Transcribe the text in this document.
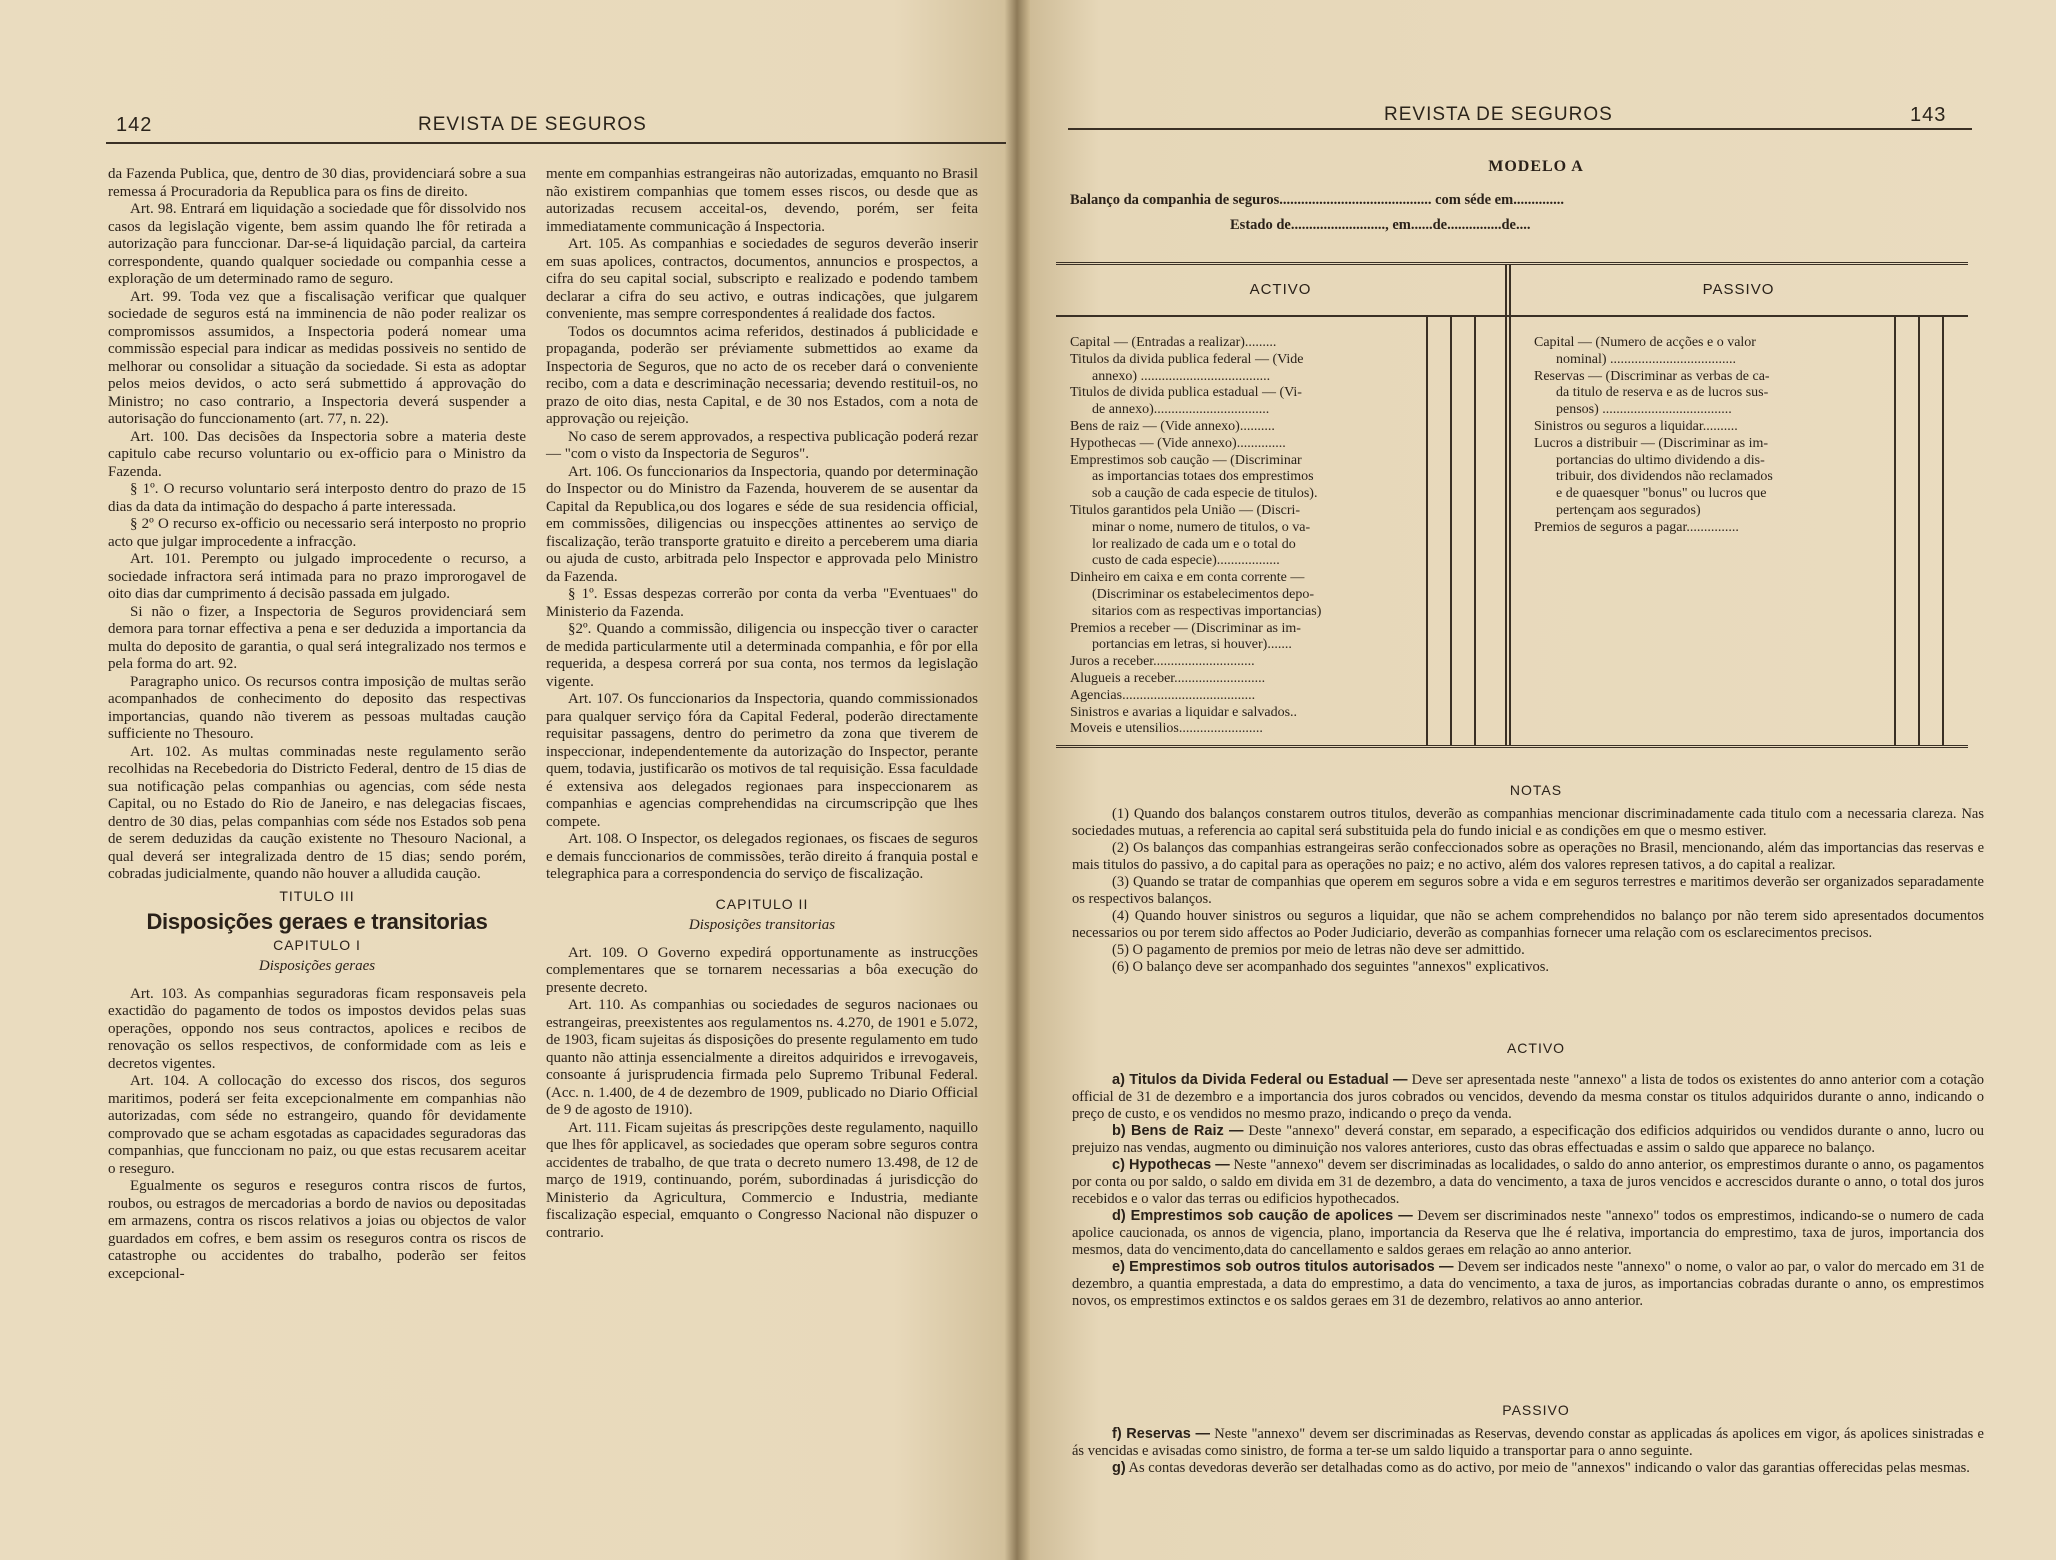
142	REVISTA DE SEGUROS

da Fazenda Publica, que, dentro de 30 dias, providenciará sobre a sua remessa á Procuradoria da Republica para os fins de direito.

Art. 98. Entrará em liquidação a sociedade que fôr dissolvido nos casos da legislação vigente, bem assim quando lhe fôr retirada a autorização para funccionar. Dar-se-á liquidação parcial, da carteira correspondente, quando qualquer sociedade ou companhia cesse a exploração de um determinado ramo de seguro.

Art. 99. Toda vez que a fiscalisação verificar que qualquer sociedade de seguros está na imminencia de não poder realizar os compromissos assumidos, a Inspectoria poderá nomear uma commissão especial para indicar as medidas possiveis no sentido de melhorar ou consolidar a situação da sociedade. Si esta as adoptar pelos meios devidos, o acto será submettido á approvação do Ministro; no caso contrario, a Inspectoria deverá suspender a autorisação do funccionamento (art. 77, n. 22).

Art. 100. Das decisões da Inspectoria sobre a materia deste capitulo cabe recurso voluntario ou ex-officio para o Ministro da Fazenda.

§ 1º. O recurso voluntario será interposto dentro do prazo de 15 dias da data da intimação do despacho á parte interessada.

§ 2º O recurso ex-officio ou necessario será interposto no proprio acto que julgar improcedente a infracção.

Art. 101. Perempto ou julgado improcedente o recurso, a sociedade infractora será intimada para no prazo improrogavel de oito dias dar cumprimento á decisão passada em julgado.

Si não o fizer, a Inspectoria de Seguros providenciará sem demora para tornar effectiva a pena e ser deduzida a importancia da multa do deposito de garantia, o qual será integralizado nos termos e pela forma do art. 92.

Paragrapho unico. Os recursos contra imposição de multas serão acompanhados de conhecimento do deposito das respectivas importancias, quando não tiverem as pessoas multadas caução sufficiente no Thesouro.

Art. 102. As multas comminadas neste regulamento serão recolhidas na Recebedoria do Districto Federal, dentro de 15 dias de sua notificação pelas companhias ou agencias, com séde nesta Capital, ou no Estado do Rio de Janeiro, e nas delegacias fiscaes, dentro de 30 dias, pelas companhias com séde nos Estados sob pena de serem deduzidas da caução existente no Thesouro Nacional, a qual deverá ser integralizada dentro de 15 dias; sendo porém, cobradas judicialmente, quando não houver a alludida caução.

TITULO III
Disposições geraes e transitorias
CAPITULO I
Disposições geraes

Art. 103. As companhias seguradoras ficam responsaveis pela exactidão do pagamento de todos os impostos devidos pelas suas operações, oppondo nos seus contractos, apolices e recibos de renovação os sellos respectivos, de conformidade com as leis e decretos vigentes.

Art. 104. A collocação do excesso dos riscos, dos seguros maritimos, poderá ser feita excepcionalmente em companhias não autorizadas, com séde no estrangeiro, quando fôr devidamente comprovado que se acham esgotadas as capacidades seguradoras das companhias, que funccionam no paiz, ou que estas recusarem aceitar o reseguro.

Egualmente os seguros e reseguros contra riscos de furtos, roubos, ou estragos de mercadorias a bordo de navios ou depositadas em armazens, contra os riscos relativos a joias ou objectos de valor guardados em cofres, e bem assim os reseguros contra os riscos de catastrophe ou accidentes do trabalho, poderão ser feitos excepcional-

mente em companhias estrangeiras não autorizadas, emquanto no Brasil não existirem companhias que tomem esses riscos, ou desde que as autorizadas recusem acceital-os, devendo, porém, ser feita immediatamente communicação á Inspectoria.

Art. 105. As companhias e sociedades de seguros deverão inserir em suas apolices, contractos, documentos, annuncios e prospectos, a cifra do seu capital social, subscripto e realizado e podendo tambem declarar a cifra do seu activo, e outras indicações, que julgarem conveniente, mas sempre correspondentes á realidade dos factos.

Todos os documntos acima referidos, destinados á publicidade e propaganda, poderão ser préviamente submettidos ao exame da Inspectoria de Seguros, que no acto de os receber dará o conveniente recibo, com a data e descriminação necessaria; devendo restituil-os, no prazo de oito dias, nesta Capital, e de 30 nos Estados, com a nota de approvação ou rejeição.

No caso de serem approvados, a respectiva publicação poderá rezar — "com o visto da Inspectoria de Seguros".

Art. 106. Os funccionarios da Inspectoria, quando por determinação do Inspector ou do Ministro da Fazenda, houverem de se ausentar da Capital da Republica,ou dos logares e séde de sua residencia official, em commissões, diligencias ou inspecções attinentes ao serviço de fiscalização, terão transporte gratuito e direito a perceberem uma diaria ou ajuda de custo, arbitrada pelo Inspector e approvada pelo Ministro da Fazenda.

§ 1º. Essas despezas correrão por conta da verba "Eventuaes" do Ministerio da Fazenda.

§2º. Quando a commissão, diligencia ou inspecção tiver o caracter de medida particularmente util a determinada companhia, e fôr por ella requerida, a despesa correrá por sua conta, nos termos da legislação vigente.

Art. 107. Os funccionarios da Inspectoria, quando commissionados para qualquer serviço fóra da Capital Federal, poderão directamente requisitar passagens, dentro do perimetro da zona que tiverem de inspeccionar, independentemente da autorização do Inspector, perante quem, todavia, justificarão os motivos de tal requisição. Essa faculdade é extensiva aos delegados regionaes para inspeccionarem as companhias e agencias comprehendidas na circumscripção que lhes compete.

Art. 108. O Inspector, os delegados regionaes, os fiscaes de seguros e demais funccionarios de commissões, terão direito á franquia postal e telegraphica para a correspondencia do serviço de fiscalização.

CAPITULO II
Disposições transitorias

Art. 109. O Governo expedirá opportunamente as instrucções complementares que se tornarem necessarias a bôa execução do presente decreto.

Art. 110. As companhias ou sociedades de seguros nacionaes ou estrangeiras, preexistentes aos regulamentos ns. 4.270, de 1901 e 5.072, de 1903, ficam sujeitas ás disposições do presente regulamento em tudo quanto não attinja essencialmente a direitos adquiridos e irrevogaveis, consoante á jurisprudencia firmada pelo Supremo Tribunal Federal. (Acc. n. 1.400, de 4 de dezembro de 1909, publicado no Diario Official de 9 de agosto de 1910).

Art. 111. Ficam sujeitas ás prescripções deste regulamento, naquillo que lhes fôr applicavel, as sociedades que operam sobre seguros contra accidentes de trabalho, de que trata o decreto numero 13.498, de 12 de março de 1919, continuando, porém, subordinadas á jurisdicção do Ministerio da Agricultura, Commercio e Industria, mediante fiscalização especial, emquanto o Congresso Nacional não dispuzer o contrario.

REVISTA DE SEGUROS	143
MODELO A
Balanço da companhia de seguros.......................................... com séde em..............
Estado de.........................., em......de...............de....
ACTIVO	PASSIVO
Capital — (Entradas a realizar).........
Titulos da divida publica federal — (Vide
annexo) .....................................
Titulos de divida publica estadual — (Vi-
de annexo).................................
Bens de raiz — (Vide annexo)..........
Hypothecas — (Vide annexo)..............
Emprestimos sob caução — (Discriminar
as importancias totaes dos emprestimos
sob a caução de cada especie de titulos).
Titulos garantidos pela União — (Discri-
minar o nome, numero de titulos, o va-
lor realizado de cada um e o total do
custo de cada especie)..................
Dinheiro em caixa e em conta corrente —
(Discriminar os estabelecimentos depo-
sitarios com as respectivas importancias)
Premios a receber — (Discriminar as im-
portancias em letras, si houver).......
Juros a receber.............................
Alugueis a receber..........................
Agencias......................................
Sinistros e avarias a liquidar e salvados..
Moveis e utensilios........................
Capital — (Numero de acções e o valor
nominal) ....................................
Reservas — (Discriminar as verbas de ca-
da titulo de reserva e as de lucros sus-
pensos) .....................................
Sinistros ou seguros a liquidar..........
Lucros a distribuir — (Discriminar as im-
portancias do ultimo dividendo a dis-
tribuir, dos dividendos não reclamados
e de quaesquer "bonus" ou lucros que
pertençam aos segurados)
Premios de seguros a pagar...............
NOTAS

(1) Quando dos balanços constarem outros titulos, deverão as companhias mencionar discriminadamente cada titulo com a necessaria clareza. Nas sociedades mutuas, a referencia ao capital será substituida pela do fundo inicial e as condições em que o mesmo estiver.

(2) Os balanços das companhias estrangeiras serão confeccionados sobre as operações no Brasil, mencionando, além das importancias das reservas e mais titulos do passivo, a do capital para as operações no paiz; e no activo, além dos valores represen tativos, a do capital a realizar.

(3) Quando se tratar de companhias que operem em seguros sobre a vida e em seguros terrestres e maritimos deverão ser organizados separadamente os respectivos balanços.

(4) Quando houver sinistros ou seguros a liquidar, que não se achem comprehendidos no balanço por não terem sido apresentados documentos necessarios ou por terem sido affectos ao Poder Judiciario, deverão as companhias fornecer uma relação com os esclarecimentos precisos.

(5) O pagamento de premios por meio de letras não deve ser admittido.

(6) O balanço deve ser acompanhado dos seguintes "annexos" explicativos.

ACTIVO

a) Titulos da Divida Federal ou Estadual — Deve ser apresentada neste "annexo" a lista de todos os existentes do anno anterior com a cotação official de 31 de dezembro e a importancia dos juros cobrados ou vencidos, devendo da mesma constar os titulos adquiridos durante o anno, indicando o preço de custo, e os vendidos no mesmo prazo, indicando o preço da venda.

b) Bens de Raiz — Deste "annexo" deverá constar, em separado, a especificação dos edificios adquiridos ou vendidos durante o anno, lucro ou prejuizo nas vendas, augmento ou diminuição nos valores anteriores, custo das obras effectuadas e assim o saldo que apparece no balanço.

c) Hypothecas — Neste "annexo" devem ser discriminadas as localidades, o saldo do anno anterior, os emprestimos durante o anno, os pagamentos por conta ou por saldo, o saldo em divida em 31 de dezembro, a data do vencimento, a taxa de juros vencidos e accrescidos durante o anno, o total dos juros recebidos e o valor das terras ou edificios hypothecados.

d) Emprestimos sob caução de apolices — Devem ser discriminados neste "annexo" todos os emprestimos, indicando-se o numero de cada apolice caucionada, os annos de vigencia, plano, importancia da Reserva que lhe é relativa, importancia do emprestimo, taxa de juros, importancia dos mesmos, data do vencimento,data do cancellamento e saldos geraes em relação ao anno anterior.

e) Emprestimos sob outros titulos autorisados — Devem ser indicados neste "annexo" o nome, o valor ao par, o valor do mercado em 31 de dezembro, a quantia emprestada, a data do emprestimo, a data do vencimento, a taxa de juros, as importancias cobradas durante o anno, os emprestimos novos, os emprestimos extinctos e os saldos geraes em 31 de dezembro, relativos ao anno anterior.

PASSIVO

f) Reservas — Neste "annexo" devem ser discriminadas as Reservas, devendo constar as applicadas ás apolices em vigor, ás apolices sinistradas e ás vencidas e avisadas como sinistro, de forma a ter-se um saldo liquido a transportar para o anno seguinte.

g) As contas devedoras deverão ser detalhadas como as do activo, por meio de "annexos" indicando o valor das garantias offerecidas pelas mesmas.
